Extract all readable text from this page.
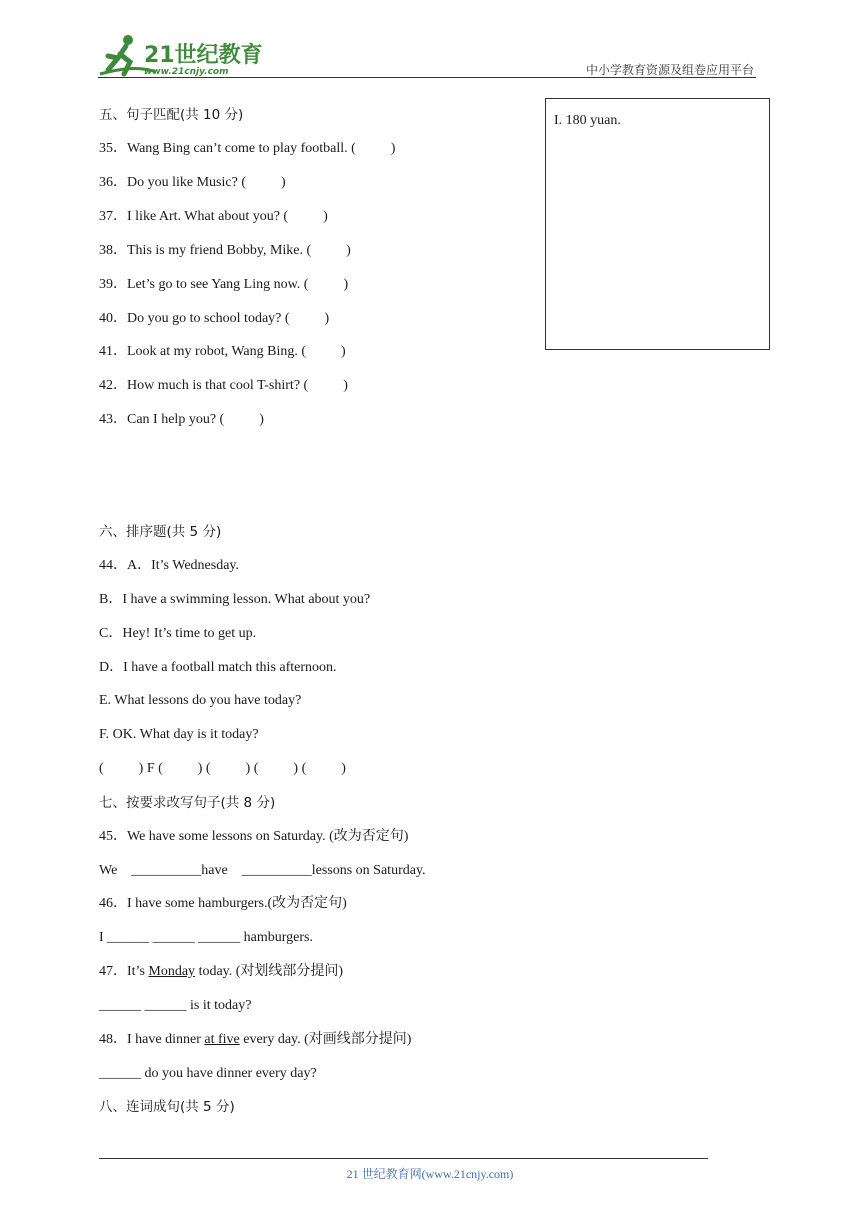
21世纪教育
www.21cnjy.com	中小学教育资源及组卷应用平台
五、句子匹配(共 10 分)
35．Wang Bing can’t come to play football. (          )
36．Do you like Music? (          )
37．I like Art. What about you? (          )
38．This is my friend Bobby, Mike. (          )
39．Let’s go to see Yang Ling now. (          )
40．Do you go to school today? (          )
41．Look at my robot, Wang Bing. (          )
42．How much is that cool T-shirt? (          )
43．Can I help you? (          )
I. 180 yuan.
六、排序题(共 5 分)
44．A．It’s Wednesday.
B．I have a swimming lesson. What about you?
C．Hey! It’s time to get up.
D．I have a football match this afternoon.
E. What lessons do you have today?
F. OK. What day is it today?
(          ) F (          ) (          ) (          ) (          )
七、按要求改写句子(共 8 分)
45．We have some lessons on Saturday. (改为否定句)
We    __________have    __________lessons on Saturday.
46．I have some hamburgers.(改为否定句)
I ______ ______ ______ hamburgers.
47．It’s Monday today. (对划线部分提问)
______ ______ is it today?
48．I have dinner at five every day. (对画线部分提问)
______ do you have dinner every day?
八、连词成句(共 5 分)
21 世纪教育网(www.21cnjy.com)
